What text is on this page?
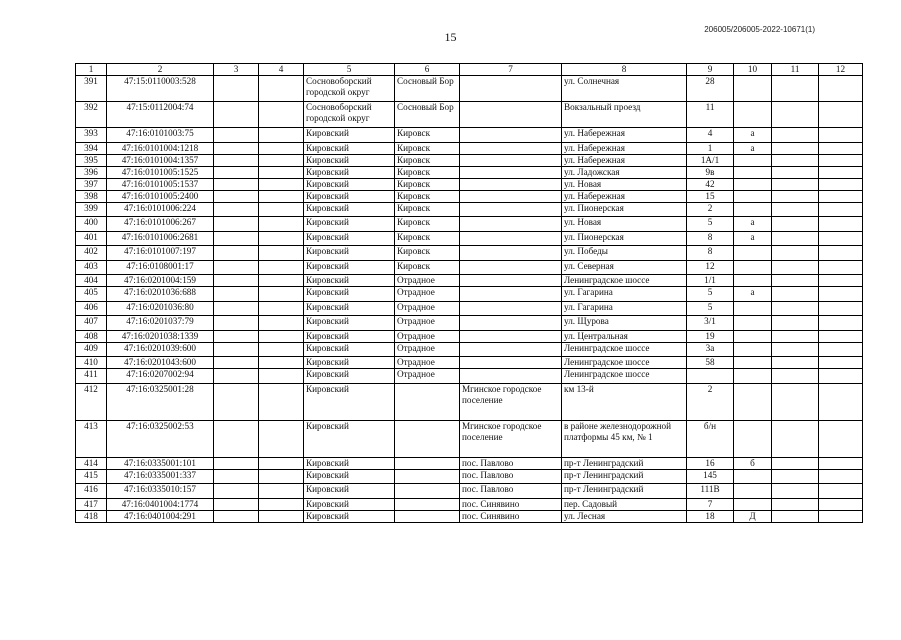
15
206005/206005-2022-10671(1)
1	2	3	4	5	6	7	8	9	10	11	12
391	47:15:0110003:528			Сосновоборский городской округ	Сосновый Бор		ул. Солнечная	28			
392	47:15:0112004:74			Сосновоборский городской округ	Сосновый Бор		Вокзальный проезд	11			
393	47:16:0101003:75			Кировский	Кировск		ул. Набережная	4	а		
394	47:16:0101004:1218			Кировский	Кировск		ул. Набережная	1	а		
395	47:16:0101004:1357			Кировский	Кировск		ул. Набережная	1А/1			
396	47:16:0101005:1525			Кировский	Кировск		ул. Ладожская	9в			
397	47:16:0101005:1537			Кировский	Кировск		ул. Новая	42			
398	47:16:0101005:2400			Кировский	Кировск		ул. Набережная	15			
399	47:16:0101006:224			Кировский	Кировск		ул. Пионерская	2			
400	47:16:0101006:267			Кировский	Кировск		ул. Новая	5	а		
401	47:16:0101006:2681			Кировский	Кировск		ул. Пионерская	8	а		
402	47:16:0101007:197			Кировский	Кировск		ул. Победы	8			
403	47:16:0108001:17			Кировский	Кировск		ул. Северная	12			
404	47:16:0201004:159			Кировский	Отрадное		Ленинградское шоссе	1/1			
405	47:16:0201036:688			Кировский	Отрадное		ул. Гагарина	5	а		
406	47:16:0201036:80			Кировский	Отрадное		ул. Гагарина	5			
407	47:16:0201037:79			Кировский	Отрадное		ул. Щурова	3/1			
408	47:16:0201038:1339			Кировский	Отрадное		ул. Центральная	19			
409	47:16:0201039:600			Кировский	Отрадное		Ленинградское шоссе	3а			
410	47:16:0201043:600			Кировский	Отрадное		Ленинградское шоссе	58			
411	47:16:0207002:94			Кировский	Отрадное		Ленинградское шоссе				
412	47:16:0325001:28			Кировский		Мгинское городское поселение	км 13-й	2			
413	47:16:0325002:53			Кировский		Мгинское городское поселение	в районе железнодорожной платформы 45 км, № 1	б/н			
414	47:16:0335001:101			Кировский		пос. Павлово	пр-т Ленинградский	16	б		
415	47:16:0335001:337			Кировский		пос. Павлово	пр-т Ленинградский	145			
416	47:16:0335010:157			Кировский		пос. Павлово	пр-т Ленинградский	111В			
417	47:16:0401004:1774			Кировский		пос. Синявино	пер. Садовый	7			
418	47:16:0401004:291			Кировский		пос. Синявино	ул. Лесная	18	Д		
